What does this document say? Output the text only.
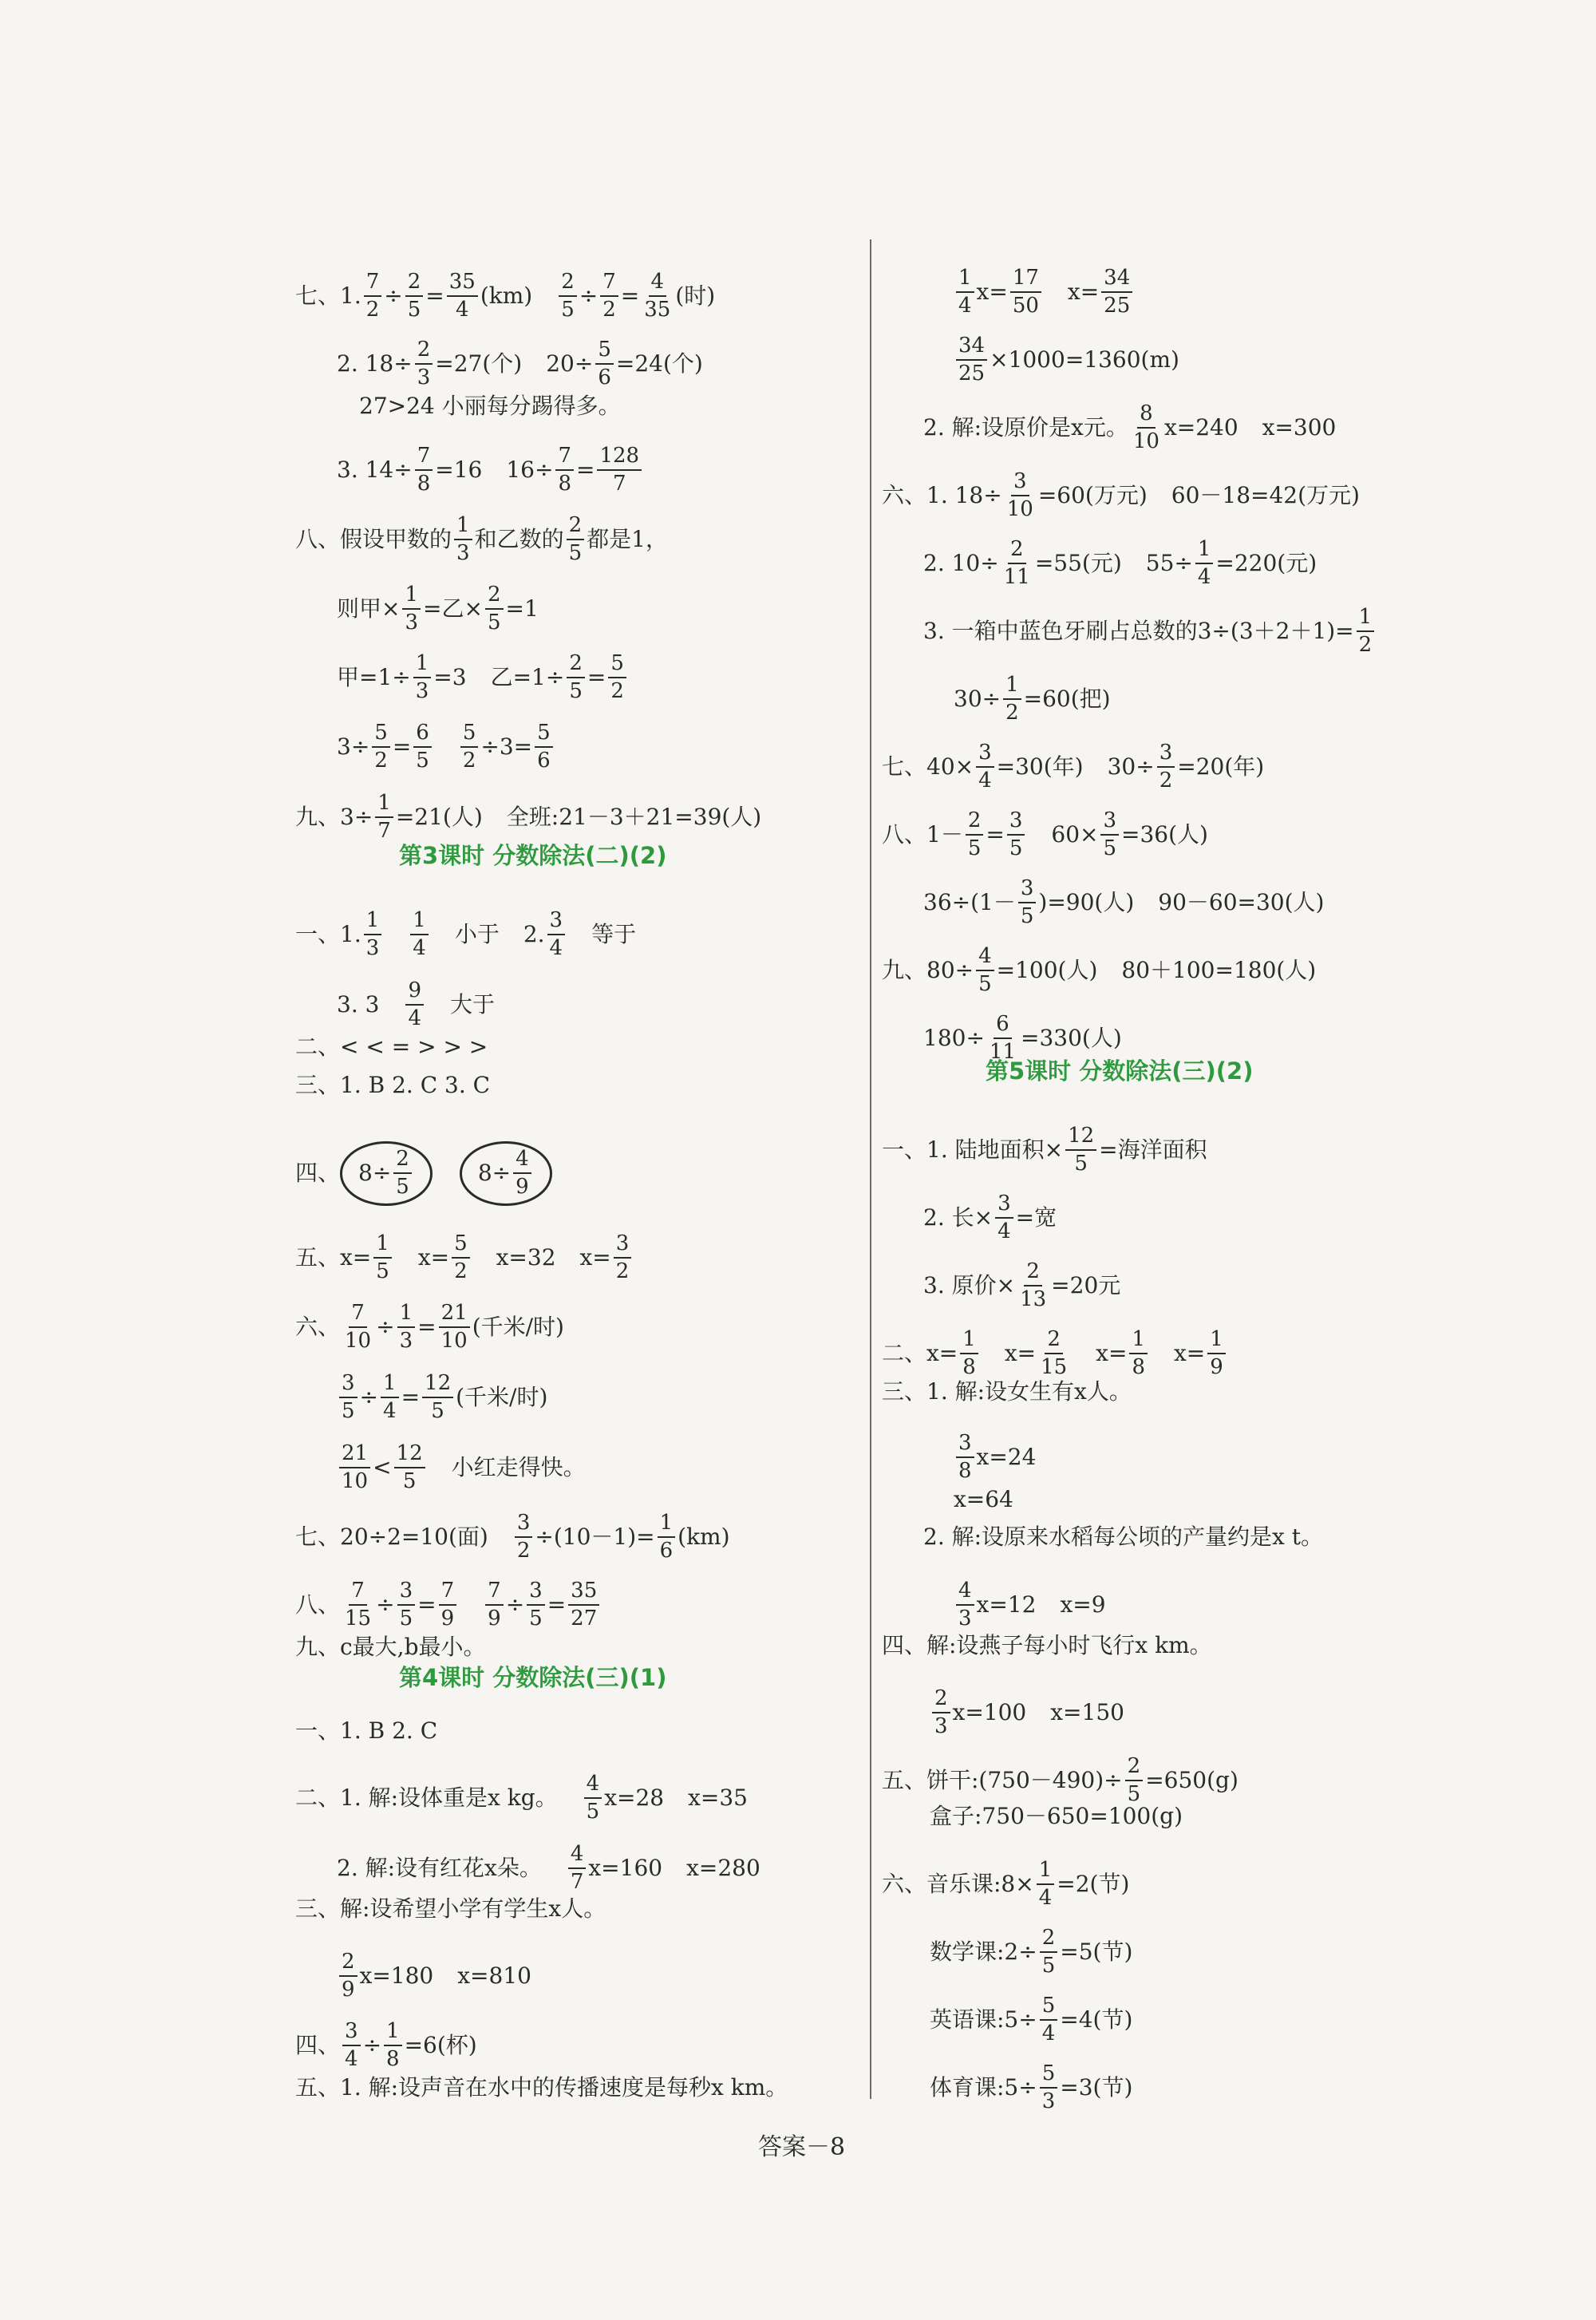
七、1. $\frac{7}{2} \div \frac{2}{5} = \frac{35}{4} (km) \frac{2}{5} \div \frac{7}{2} = \frac{4}{35}$ (时)
2. $18\div \frac{2}{3} =27$(个) $20\div \frac{5}{6} =24$(个)
27>24 小丽每分踢得多。
3. $14\div \frac{7}{8} =16$ $16\div \frac{7}{8} = \frac{128}{7}$
八、假设甲数的 $\frac{1}{3}$ 和乙数的 $\frac{2}{5}$ 都是1，
则甲× $\frac{1}{3}$ =乙× $\frac{2}{5} =1$
甲$=1\div \frac{1}{3} =3$ 乙$=1\div \frac{2}{5} = \frac{5}{2}$
$3\div \frac{5}{2} = \frac{6}{5} \frac{5}{2} \div 3= \frac{5}{6}$
九、$3\div \frac{1}{7} =21$(人) 全班:21－3＋21=39(人)
一、1. $\frac{1}{3} \frac{1}{4}$ 小于 2. $\frac{3}{4}$ 等于
3. $3 \frac{9}{4}$ 大于
二、< < = > > >
三、1. B 2. C 3. C
四、 $8\div \frac{2}{5}$	$8\div \frac{4}{9}$
五、$x= \frac{1}{5} x= \frac{5}{2} x=32$ $x= \frac{3}{2}$
六、 $\frac{7}{10} \div \frac{1}{3} = \frac{21}{10}$ (千米/时)
$\frac{3}{5} \div \frac{1}{4} = \frac{12}{5}$ (千米/时)
$\frac{21}{10} < \frac{12}{5}$ 小红走得快。
七、20÷2=10(面) $\frac{3}{2} \div(10-1)= \frac{1}{6} (km)$
八、 $\frac{7}{15} \div \frac{3}{5} = \frac{7}{9} \frac{7}{9} \div \frac{3}{5} = \frac{35}{27}$
九、c最大,b最小。
一、1. B 2. C
二、1. 解:设体重是x kg。 $\frac{4}{5} x=28$ x=35
2. 解:设有红花x朵。 $\frac{4}{7} x=160$ x=280
三、解:设希望小学有学生x人。
$\frac{2}{9} x=180$ x=810
四、 $\frac{3}{4} \div \frac{1}{8} =6$(杯)
五、1. 解:设声音在水中的传播速度是每秒x km。
第3课时 分数除法(二)(2)
第4课时 分数除法(三)(1)
$\frac{1}{4} x= \frac{17}{50} x= \frac{34}{25}$
$\frac{34}{25} \times 1000=1360(m)$
2. 解:设原价是x元。 $\frac{8}{10} x=240$ x=300
六、1. $18\div \frac{3}{10} =60$(万元) 60－18=42(万元)
2. $10\div \frac{2}{11} =55$(元) $55\div \frac{1}{4} =220$(元)
3. 一箱中蓝色牙刷占总数的$3\div(3+2+1)= \frac{1}{2}$
$30\div \frac{1}{2} =60$(把)
七、$40\times \frac{3}{4} =30$(年) $30\div \frac{3}{2} =20$(年)
八、$1- \frac{2}{5} = \frac{3}{5} 60\times \frac{3}{5} =36$(人)
$36\div(1- \frac{3}{5} )=90$(人) 90－60=30(人)
九、$80\div \frac{4}{5} =100$(人) 80＋100=180(人)
$180\div \frac{6}{11} =330$(人)
一、1. 陆地面积× $\frac{12}{5}$ =海洋面积
2. 长× $\frac{3}{4}$ =宽
3. 原价× $\frac{2}{13} =20$元
二、$x= \frac{1}{8} x= \frac{2}{15} x= \frac{1}{8} x= \frac{1}{9}$
三、1. 解:设女生有x人。
$\frac{3}{8} x=24$
x=64
2. 解:设原来水稻每公顷的产量约是x t。
$\frac{4}{3} x=12$ x=9
四、解:设燕子每小时飞行x km。
$\frac{2}{3} x=100$ x=150
五、饼干:(750－490)÷ $\frac{2}{5} =650(g)$
盒子:750－650=100(g)
六、音乐课:8× $\frac{1}{4} =2$(节)
数学课:2÷ $\frac{2}{5} =5$(节)
英语课:5÷ $\frac{5}{4} =4$(节)
体育课:5÷ $\frac{5}{3} =3$(节)
第5课时 分数除法(三)(2)
答案－8
